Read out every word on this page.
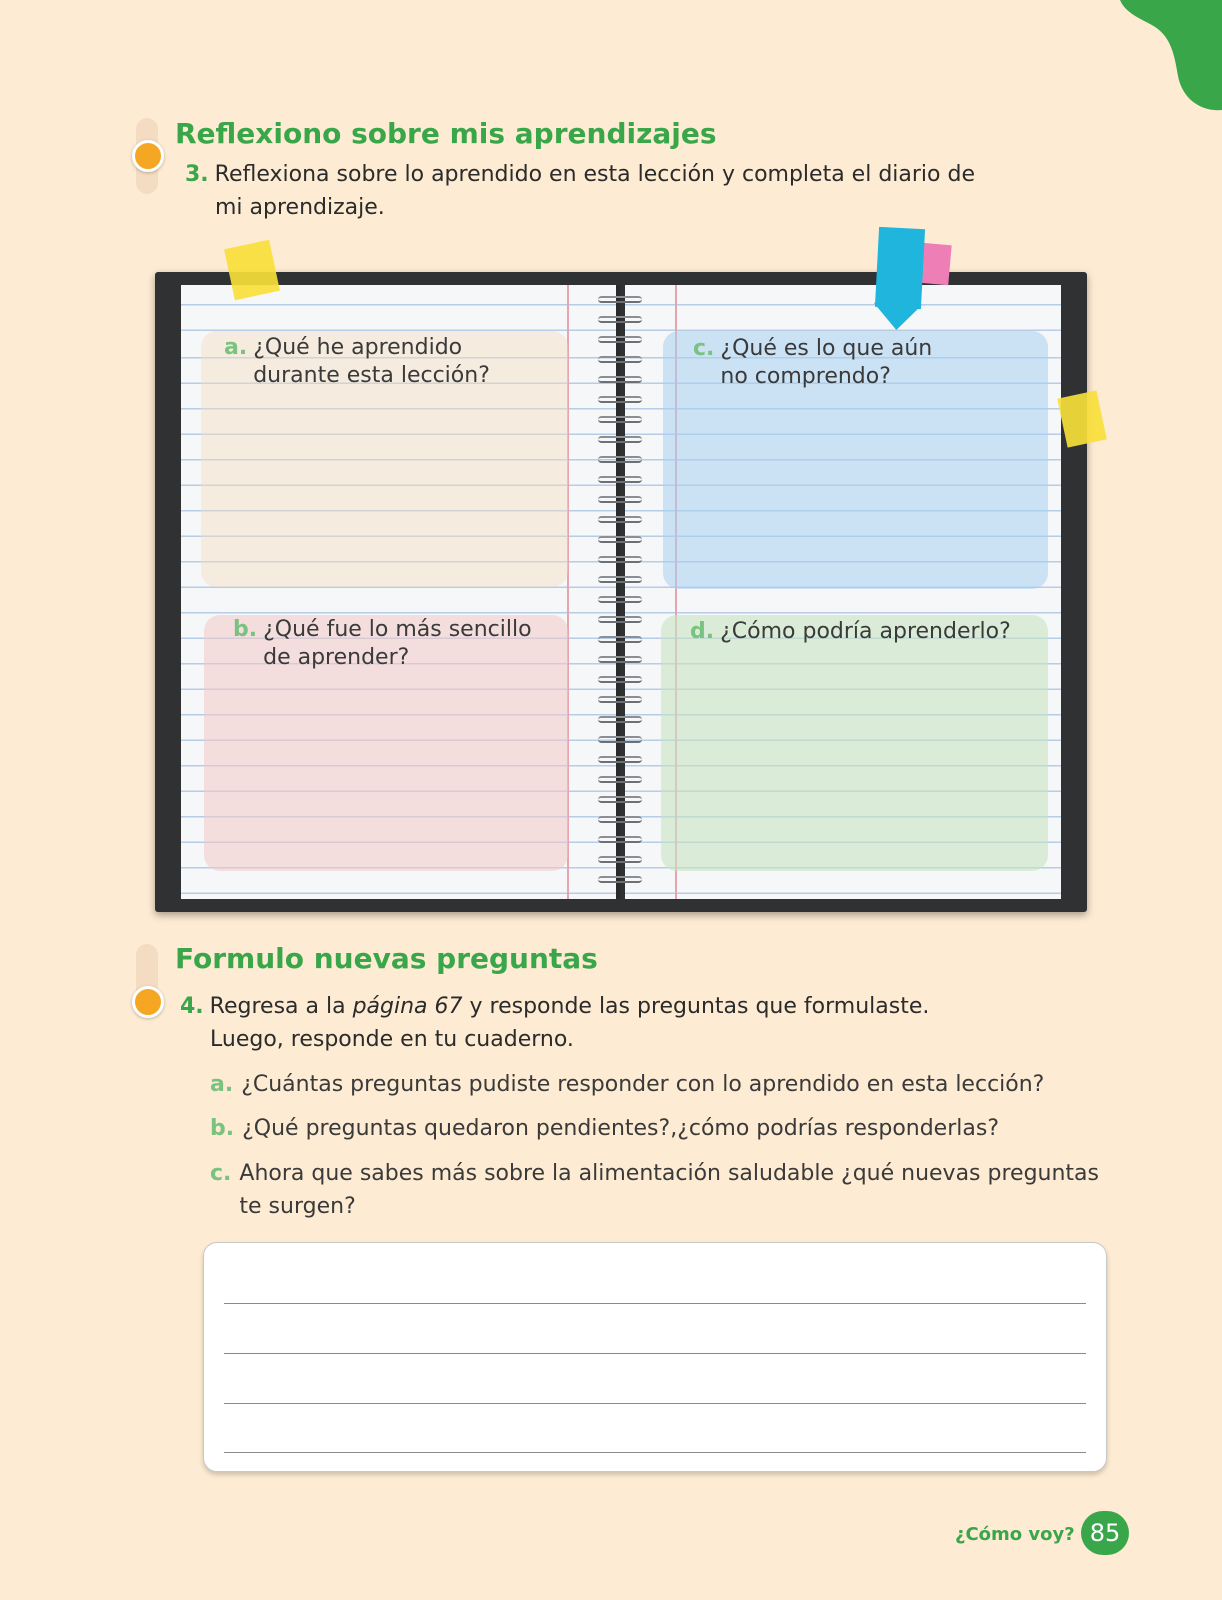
Reflexiono sobre mis aprendizajes
3. Reflexiona sobre lo aprendido en esta lección y completa el diario de
mi aprendizaje.
a. ¿Qué he aprendido
durante esta lección?
b. ¿Qué fue lo más sencillo
de aprender?
c. ¿Qué es lo que aún
no comprendo?
d. ¿Cómo podría aprenderlo?
Formulo nuevas preguntas
4. Regresa a la página 67 y responde las preguntas que formulaste.
Luego, responde en tu cuaderno.
a. ¿Cuántas preguntas pudiste responder con lo aprendido en esta lección?
b. ¿Qué preguntas quedaron pendientes?,¿cómo podrías responderlas?
c. Ahora que sabes más sobre la alimentación saludable ¿qué nuevas preguntas te surgen?
¿Cómo voy? 85
